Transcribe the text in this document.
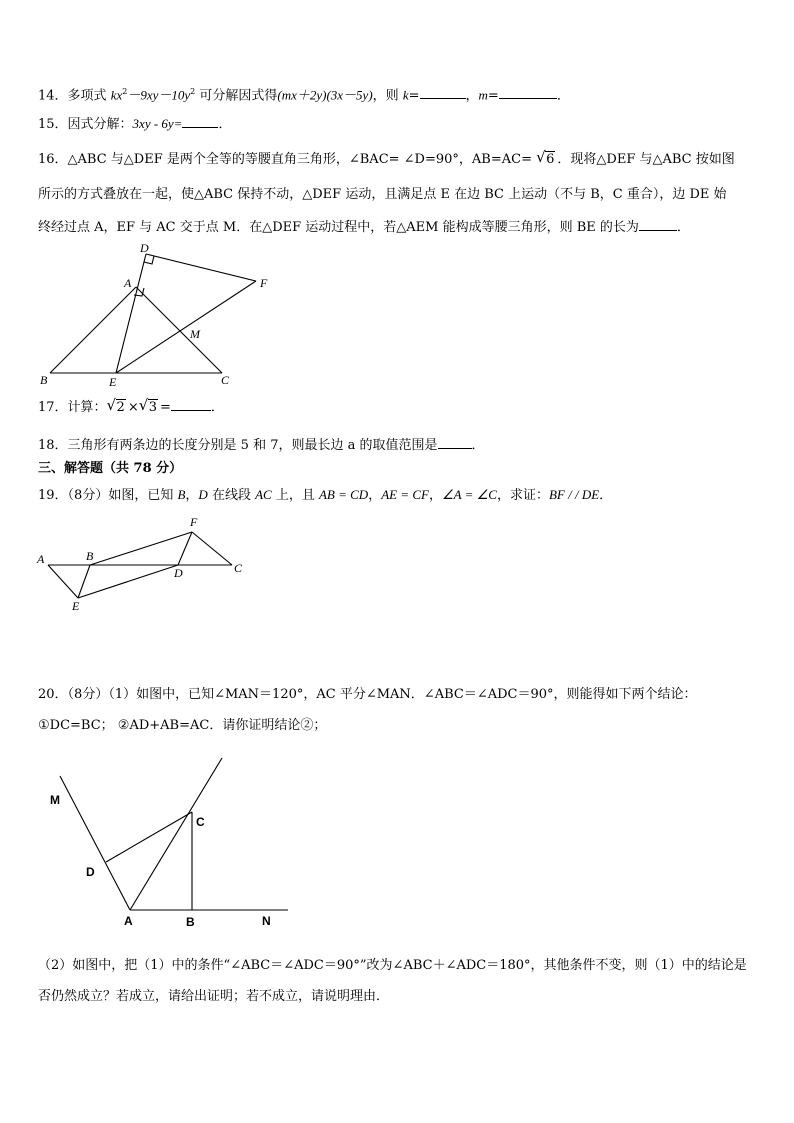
14．多项式 $kx^2-9xy-10y^2$ 可分解因式得(mx＋2y)(3x－5y)，则 k=	，m=	．
15．因式分解：3xy - 6y=	．
16．△ABC 与△DEF 是两个全等的等腰直角三角形，∠BAC= ∠D=90°，AB=AC= √ 6 ．现将△DEF 与△ABC 按如图
所示的方式叠放在一起，使△ABC 保持不动，△DEF 运动，且满足点 E 在边 BC 上运动（不与 B，C 重合），边 DE 始
终经过点 A，EF 与 AC 交于点 M．在△DEF 运动过程中，若△AEM 能构成等腰三角形，则 BE 的长为	．
D
A	F
M
B	E	C
17．计算： √ 2 × √ 3 =	．
18．三角形有两条边的长度分别是 5 和 7，则最长边 a 的取值范围是	．
三、解答题（共 78 分）
19．（8分）如图，已知 B，D 在线段 AC 上，且 AB = CD，AE = CF，∠A = ∠C，求证：BF / / DE．
A	B
D	C
E
F
20．（8分）（1）如图中，已知∠MAN＝120°，AC 平分∠MAN．∠ABC＝∠ADC＝90°，则能得如下两个结论：
①DC=BC； ②AD+AB=AC．请你证明结论②；
M
C
D
A	B	N
（2）如图中，把（1）中的条件“∠ABC＝∠ADC＝90°”改为∠ABC＋∠ADC＝180°，其他条件不变，则（1）中的结论是
否仍然成立？若成立，请给出证明；若不成立，请说明理由．
